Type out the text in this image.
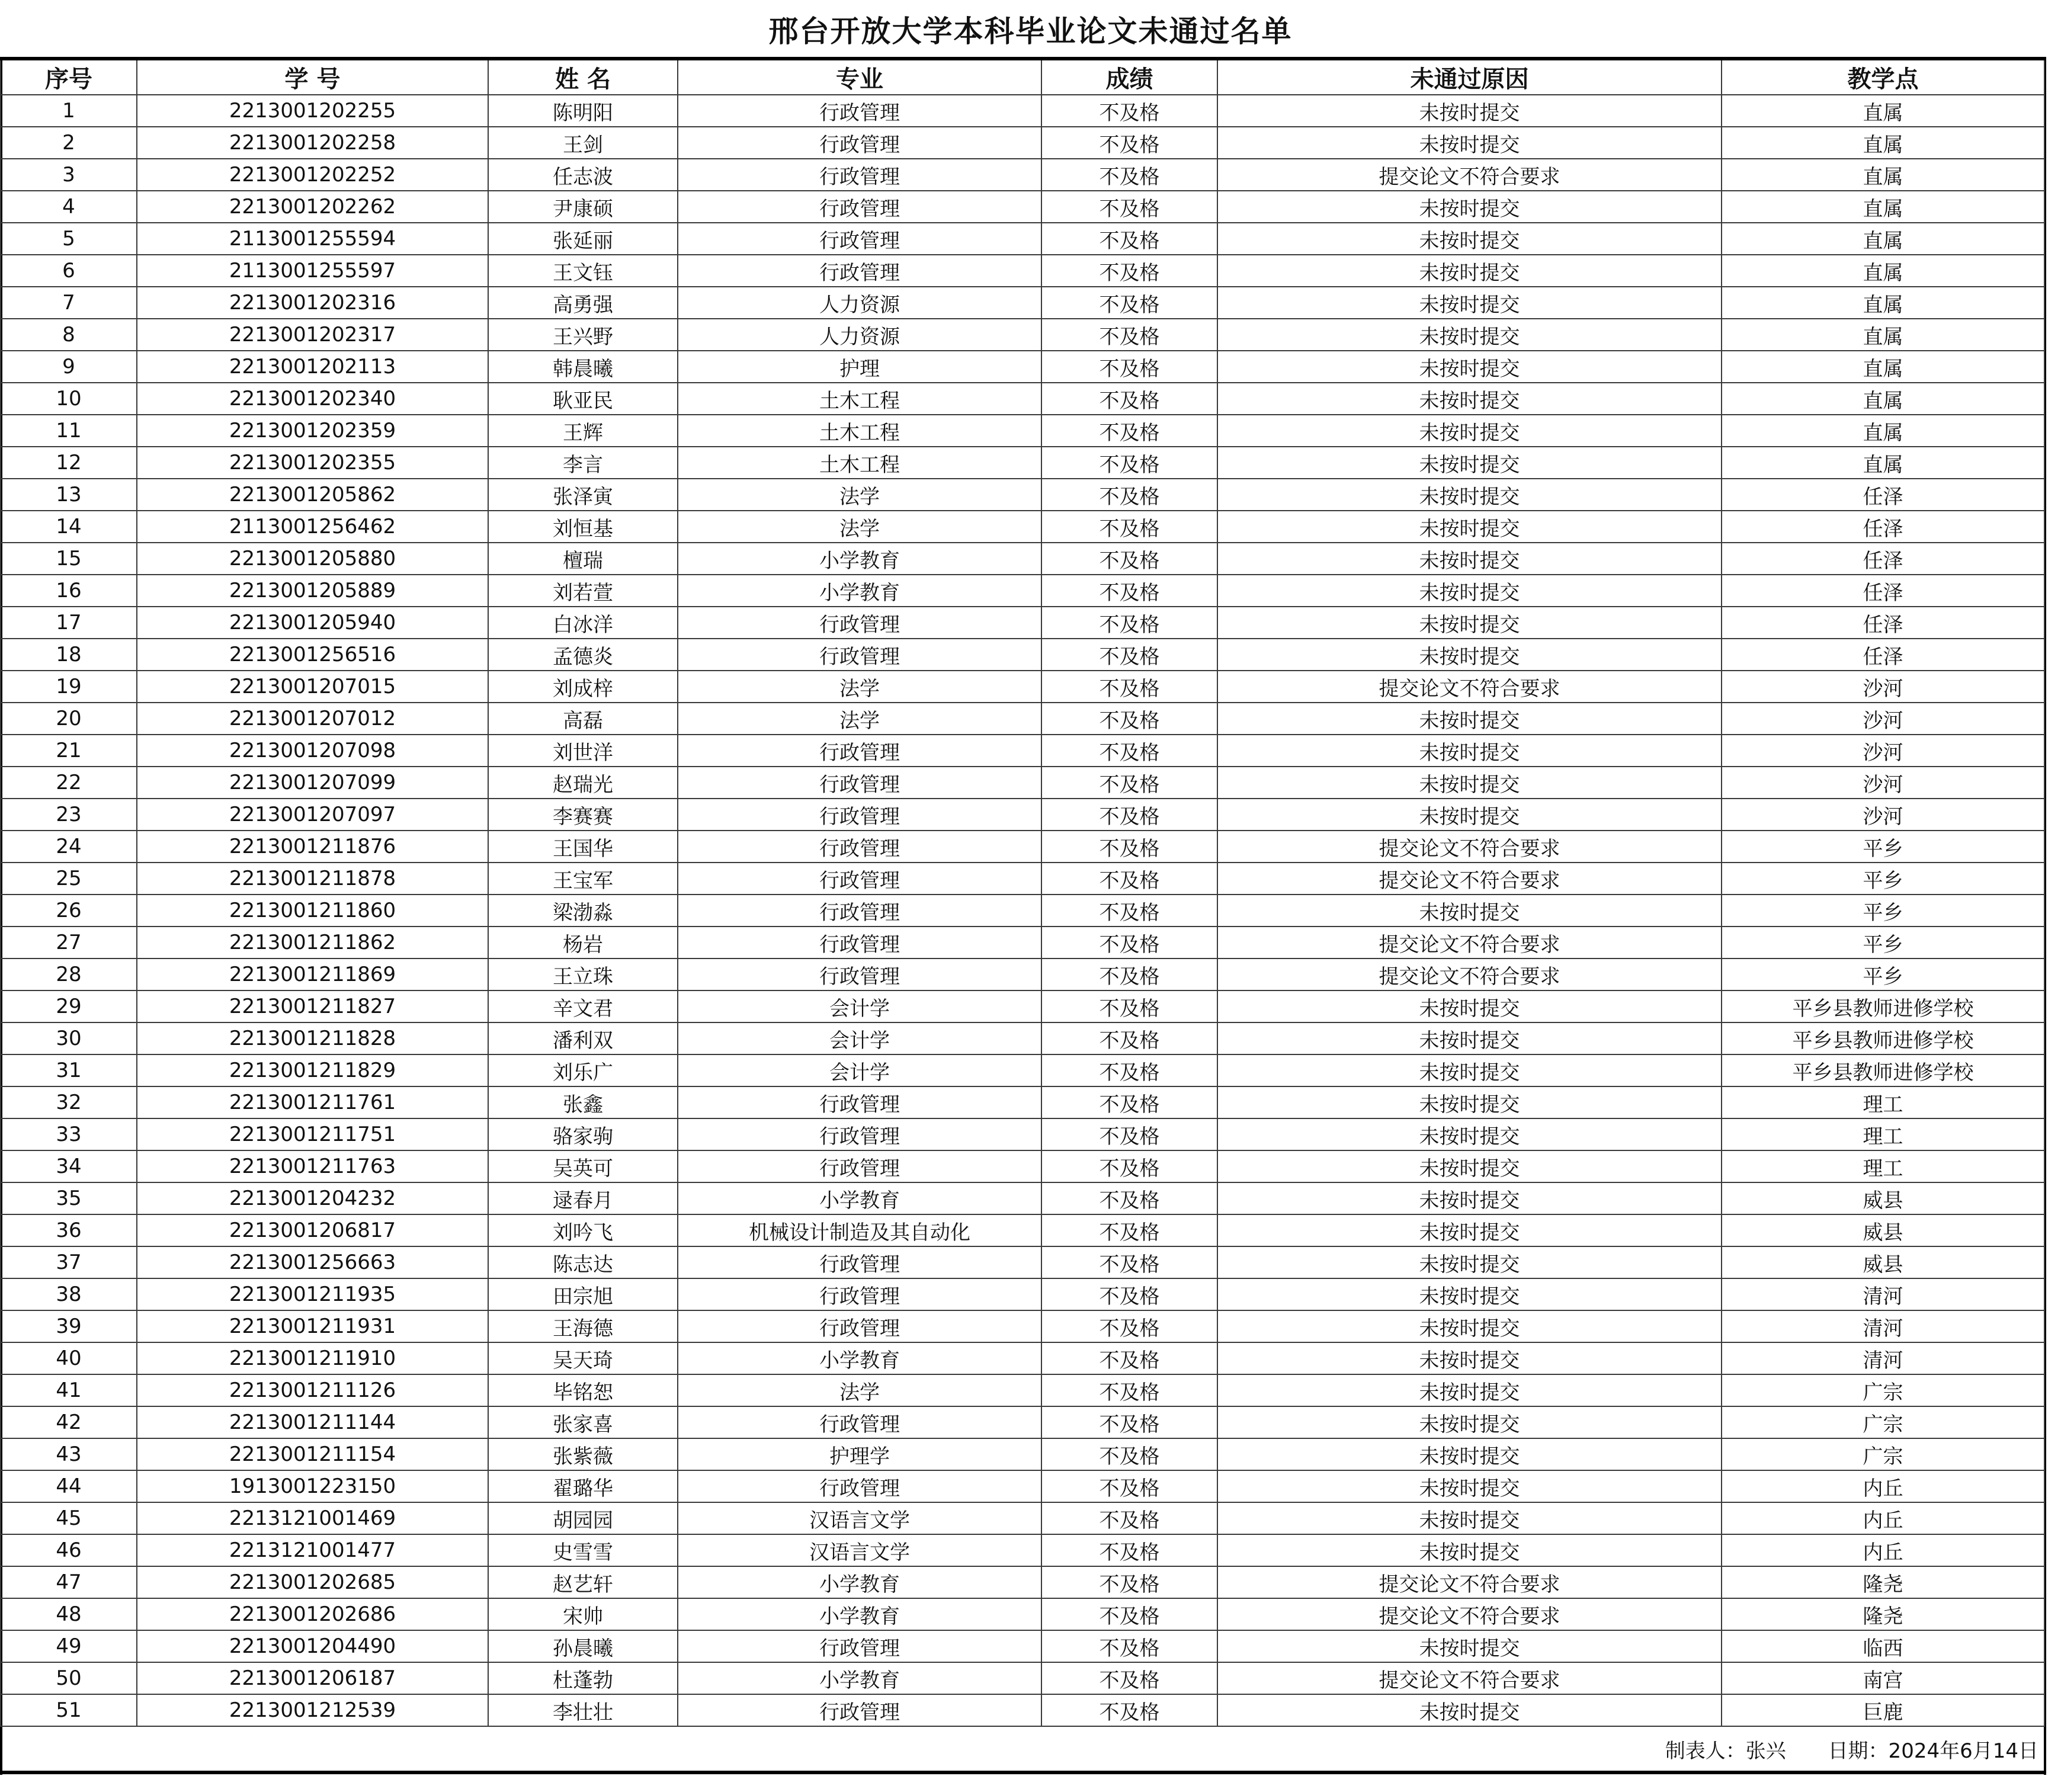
邢台开放大学本科毕业论文未通过名单
序号	学 号	姓 名	专业	成绩	未通过原因	教学点
1	2213001202255	陈明阳	行政管理	不及格	未按时提交	直属
2	2213001202258	王剑	行政管理	不及格	未按时提交	直属
3	2213001202252	任志波	行政管理	不及格	提交论文不符合要求	直属
4	2213001202262	尹康硕	行政管理	不及格	未按时提交	直属
5	2113001255594	张延丽	行政管理	不及格	未按时提交	直属
6	2113001255597	王文钰	行政管理	不及格	未按时提交	直属
7	2213001202316	高勇强	人力资源	不及格	未按时提交	直属
8	2213001202317	王兴野	人力资源	不及格	未按时提交	直属
9	2213001202113	韩晨曦	护理	不及格	未按时提交	直属
10	2213001202340	耿亚民	土木工程	不及格	未按时提交	直属
11	2213001202359	王辉	土木工程	不及格	未按时提交	直属
12	2213001202355	李言	土木工程	不及格	未按时提交	直属
13	2213001205862	张泽寅	法学	不及格	未按时提交	任泽
14	2113001256462	刘恒基	法学	不及格	未按时提交	任泽
15	2213001205880	檀瑞	小学教育	不及格	未按时提交	任泽
16	2213001205889	刘若萱	小学教育	不及格	未按时提交	任泽
17	2213001205940	白冰洋	行政管理	不及格	未按时提交	任泽
18	2213001256516	孟德炎	行政管理	不及格	未按时提交	任泽
19	2213001207015	刘成梓	法学	不及格	提交论文不符合要求	沙河
20	2213001207012	高磊	法学	不及格	未按时提交	沙河
21	2213001207098	刘世洋	行政管理	不及格	未按时提交	沙河
22	2213001207099	赵瑞光	行政管理	不及格	未按时提交	沙河
23	2213001207097	李赛赛	行政管理	不及格	未按时提交	沙河
24	2213001211876	王国华	行政管理	不及格	提交论文不符合要求	平乡
25	2213001211878	王宝军	行政管理	不及格	提交论文不符合要求	平乡
26	2213001211860	梁渤淼	行政管理	不及格	未按时提交	平乡
27	2213001211862	杨岩	行政管理	不及格	提交论文不符合要求	平乡
28	2213001211869	王立珠	行政管理	不及格	提交论文不符合要求	平乡
29	2213001211827	辛文君	会计学	不及格	未按时提交	平乡县教师进修学校
30	2213001211828	潘利双	会计学	不及格	未按时提交	平乡县教师进修学校
31	2213001211829	刘乐广	会计学	不及格	未按时提交	平乡县教师进修学校
32	2213001211761	张鑫	行政管理	不及格	未按时提交	理工
33	2213001211751	骆家驹	行政管理	不及格	未按时提交	理工
34	2213001211763	吴英可	行政管理	不及格	未按时提交	理工
35	2213001204232	逯春月	小学教育	不及格	未按时提交	威县
36	2213001206817	刘吟飞	机械设计制造及其自动化	不及格	未按时提交	威县
37	2213001256663	陈志达	行政管理	不及格	未按时提交	威县
38	2213001211935	田宗旭	行政管理	不及格	未按时提交	清河
39	2213001211931	王海德	行政管理	不及格	未按时提交	清河
40	2213001211910	吴天琦	小学教育	不及格	未按时提交	清河
41	2213001211126	毕铭恕	法学	不及格	未按时提交	广宗
42	2213001211144	张家喜	行政管理	不及格	未按时提交	广宗
43	2213001211154	张紫薇	护理学	不及格	未按时提交	广宗
44	1913001223150	翟璐华	行政管理	不及格	未按时提交	内丘
45	2213121001469	胡园园	汉语言文学	不及格	未按时提交	内丘
46	2213121001477	史雪雪	汉语言文学	不及格	未按时提交	内丘
47	2213001202685	赵艺轩	小学教育	不及格	提交论文不符合要求	隆尧
48	2213001202686	宋帅	小学教育	不及格	提交论文不符合要求	隆尧
49	2213001204490	孙晨曦	行政管理	不及格	未按时提交	临西
50	2213001206187	杜蓬勃	小学教育	不及格	提交论文不符合要求	南宫
51	2213001212539	李壮壮	行政管理	不及格	未按时提交	巨鹿
制表人：张兴 日期：2024年6月14日						
